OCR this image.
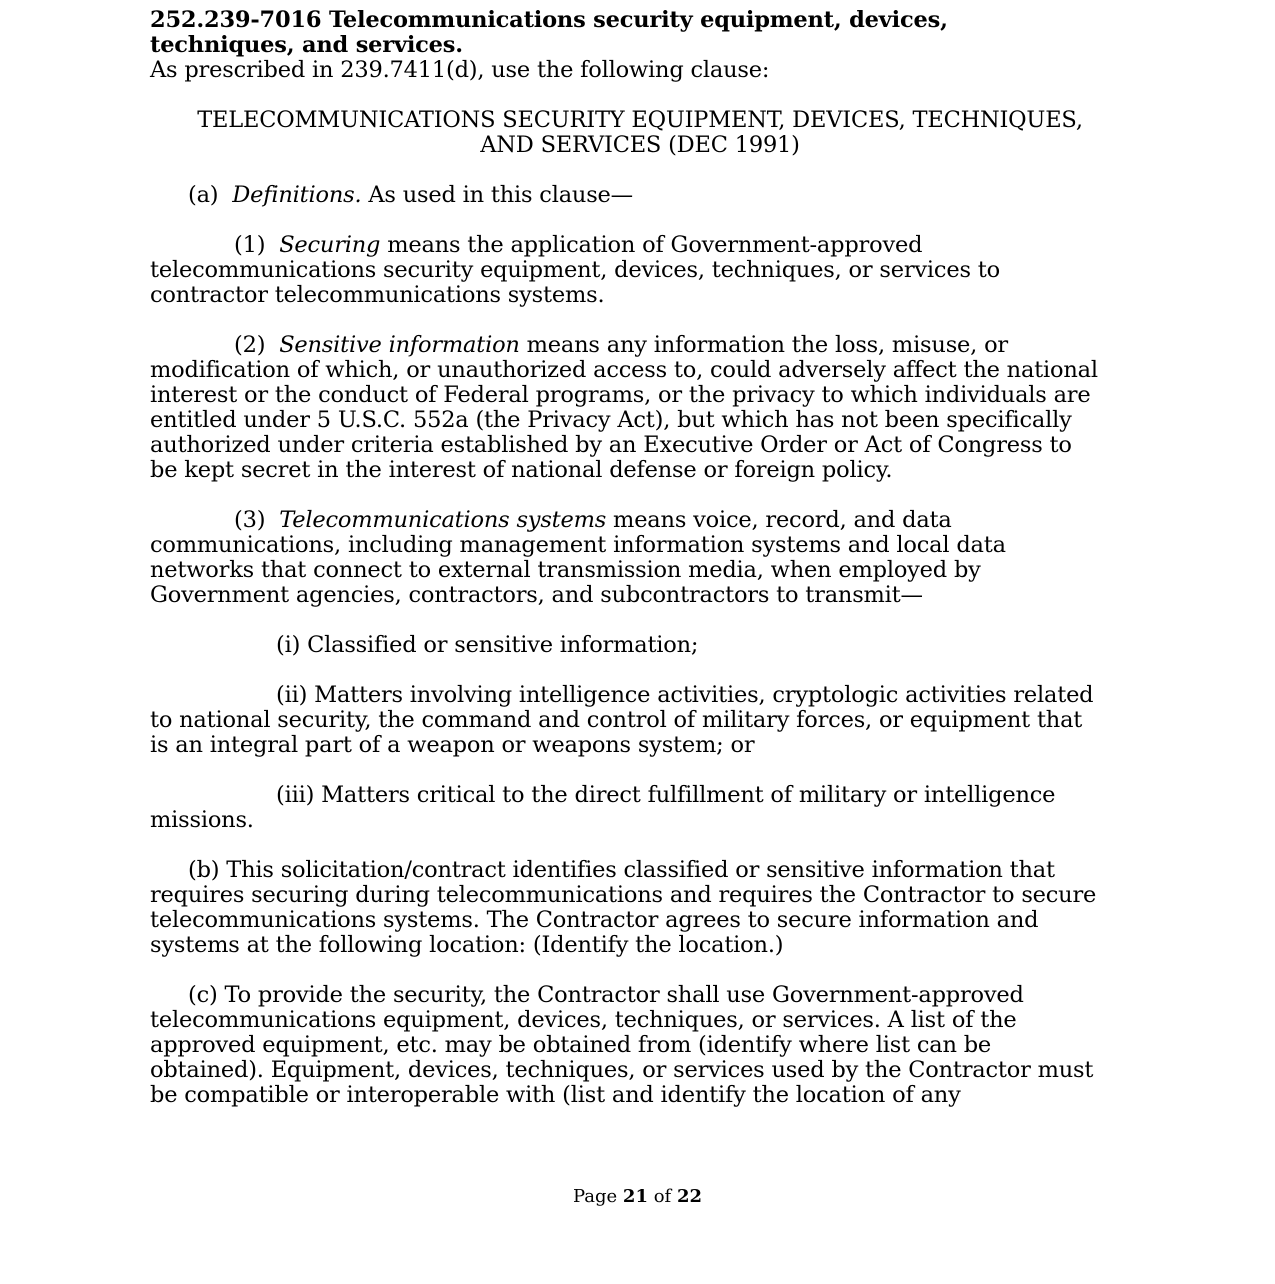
252.239-7016 Telecommunications security equipment, devices,
techniques, and services.
As prescribed in 239.7411(d), use the following clause:
TELECOMMUNICATIONS SECURITY EQUIPMENT, DEVICES, TECHNIQUES,
AND SERVICES (DEC 1991)
(a) Definitions. As used in this clause—
(1) Securing means the application of Government-approved
telecommunications security equipment, devices, techniques, or services to
contractor telecommunications systems.
(2) Sensitive information means any information the loss, misuse, or
modification of which, or unauthorized access to, could adversely affect the national
interest or the conduct of Federal programs, or the privacy to which individuals are
entitled under 5 U.S.C. 552a (the Privacy Act), but which has not been specifically
authorized under criteria established by an Executive Order or Act of Congress to
be kept secret in the interest of national defense or foreign policy.
(3) Telecommunications systems means voice, record, and data
communications, including management information systems and local data
networks that connect to external transmission media, when employed by
Government agencies, contractors, and subcontractors to transmit—
(i) Classified or sensitive information;
(ii) Matters involving intelligence activities, cryptologic activities related
to national security, the command and control of military forces, or equipment that
is an integral part of a weapon or weapons system; or
(iii) Matters critical to the direct fulfillment of military or intelligence
missions.
(b) This solicitation/contract identifies classified or sensitive information that
requires securing during telecommunications and requires the Contractor to secure
telecommunications systems. The Contractor agrees to secure information and
systems at the following location: (Identify the location.)
(c) To provide the security, the Contractor shall use Government-approved
telecommunications equipment, devices, techniques, or services. A list of the
approved equipment, etc. may be obtained from (identify where list can be
obtained). Equipment, devices, techniques, or services used by the Contractor must
be compatible or interoperable with (list and identify the location of any
Page 21 of 22
